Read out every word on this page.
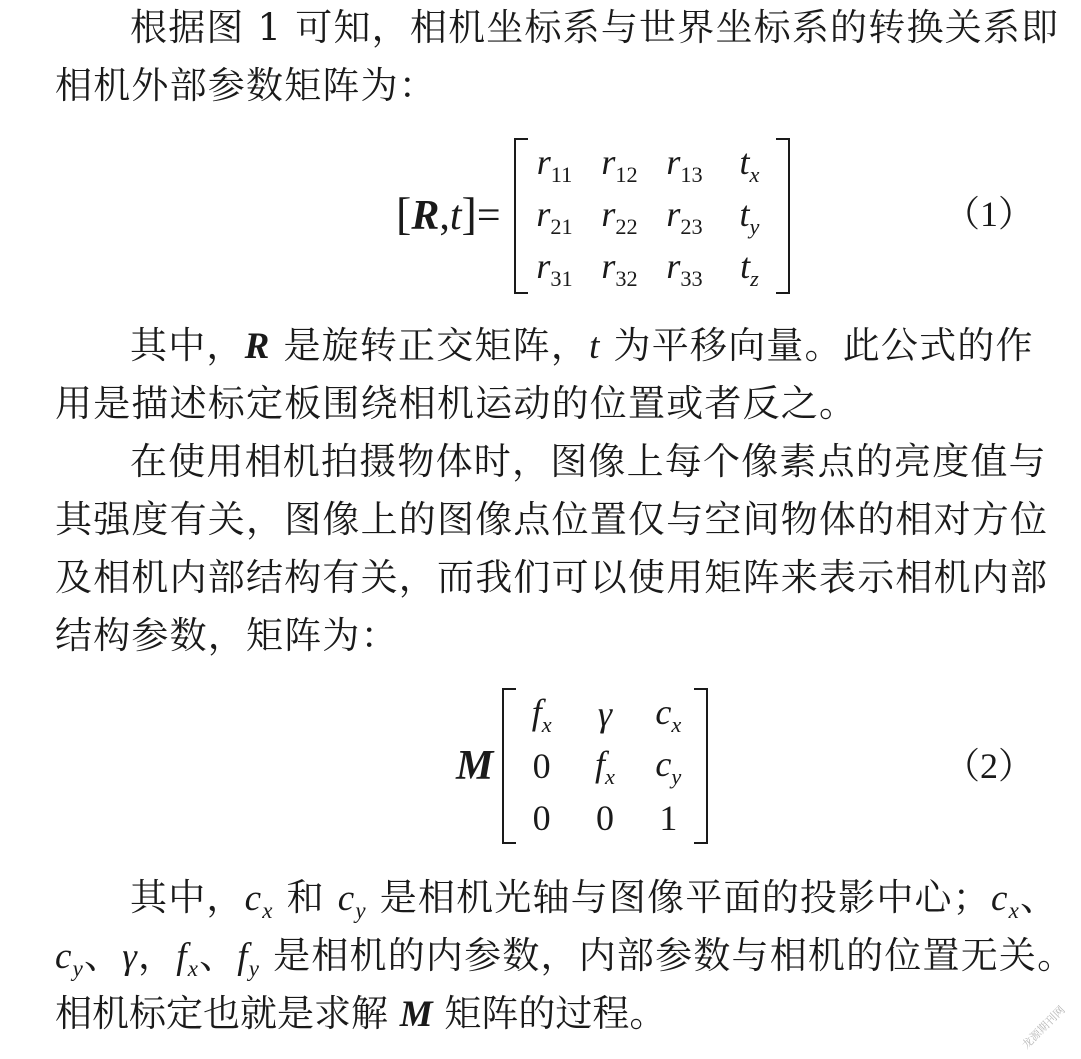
根据图 1 可知，相机坐标系与世界坐标系的转换关系即
相机外部参数矩阵为：
[R,t]=
$r_{11}$ $r_{12}$ $r_{13}$	$t_x$
$r_{21}$ $r_{22}$ $r_{23}$	$t_y$
$r_{31}$ $r_{32}$ $r_{33}$	$t_z$
（1）
其中，R 是旋转正交矩阵，t 为平移向量。此公式的作
用是描述标定板围绕相机运动的位置或者反之。
在使用相机拍摄物体时，图像上每个像素点的亮度值与
其强度有关，图像上的图像点位置仅与空间物体的相对方位
及相机内部结构有关，而我们可以使用矩阵来表示相机内部
结构参数，矩阵为：
M
$f_x$	γ	$c_x$
0	$f_x$	$c_y$
0	0	1
（2）
其中，$c_x$ 和 $c_y$ 是相机光轴与图像平面的投影中心；$c_x$、
$c_y$、γ，$f_x$、$f_y$ 是相机的内参数，内部参数与相机的位置无关。
相机标定也就是求解 M 矩阵的过程。	龙源期刊网
